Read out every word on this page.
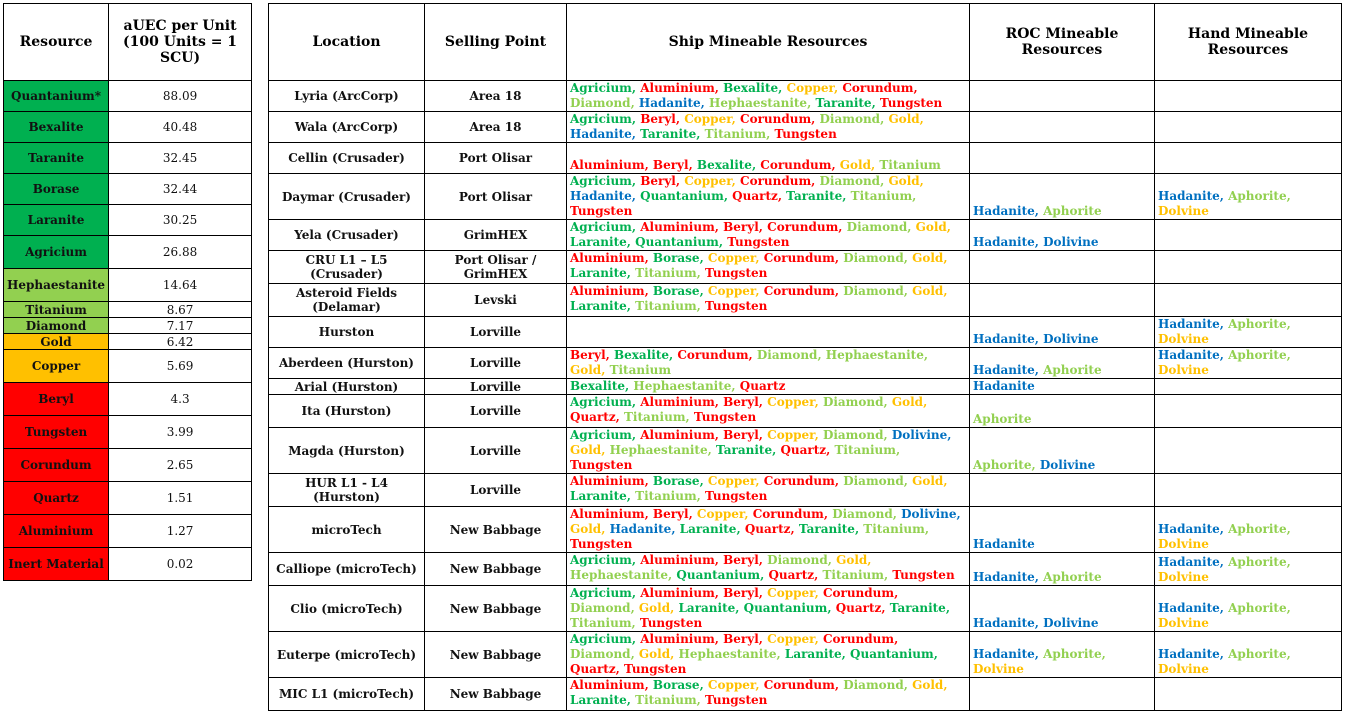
Resource	aUEC per Unit
(100 Units = 1 SCU)

Quantanium*	88.09
Bexalite	40.48
Taranite	32.45
Borase	32.44
Laranite	30.25
Agricium	26.88
Hephaestanite	14.64
Titanium	8.67
Diamond	7.17
Gold	6.42
Copper	5.69
Beryl	4.3
Tungsten	3.99
Corundum	2.65
Quartz	1.51
Aluminium	1.27
Inert Material	0.02
Location	Selling Point	Ship Mineable Resources	ROC Mineable Resources	Hand Mineable Resources
Lyria (ArcCorp)	Area 18	Agricium, Aluminium, Bexalite, Copper, Corundum, Diamond, Hadanite, Hephaestanite, Taranite, Tungsten		
Wala (ArcCorp)	Area 18	Agricium, Beryl, Copper, Corundum, Diamond, Gold, Hadanite, Taranite, Titanium, Tungsten		
Cellin (Crusader)	Port Olisar	Aluminium, Beryl, Bexalite, Corundum, Gold, Titanium		
Daymar (Crusader)	Port Olisar	Agricium, Beryl, Copper, Corundum, Diamond, Gold, Hadanite, Quantanium, Quartz, Taranite, Titanium, Tungsten	Hadanite, Aphorite	Hadanite, Aphorite, Dolvine
Yela (Crusader)	GrimHEX	Agricium, Aluminium, Beryl, Corundum, Diamond, Gold, Laranite, Quantanium, Tungsten	Hadanite, Dolivine	
CRU L1 – L5 (Crusader)	Port Olisar / GrimHEX	Aluminium, Borase, Copper, Corundum, Diamond, Gold, Laranite, Titanium, Tungsten		
Asteroid Fields (Delamar)	Levski	Aluminium, Borase, Copper, Corundum, Diamond, Gold, Laranite, Titanium, Tungsten		
Hurston	Lorville		Hadanite, Dolivine	Hadanite, Aphorite, Dolvine
Aberdeen (Hurston)	Lorville	Beryl, Bexalite, Corundum, Diamond, Hephaestanite, Gold, Titanium	Hadanite, Aphorite	Hadanite, Aphorite, Dolvine
Arial (Hurston)	Lorville	Bexalite, Hephaestanite, Quartz	Hadanite	
Ita (Hurston)	Lorville	Agricium, Aluminium, Beryl, Copper, Diamond, Gold, Quartz, Titanium, Tungsten	Aphorite	
Magda (Hurston)	Lorville	Agricium, Aluminium, Beryl, Copper, Diamond, Dolivine, Gold, Hephaestanite, Taranite, Quartz, Titanium, Tungsten	Aphorite, Dolivine	
HUR L1 - L4 (Hurston)	Lorville	Aluminium, Borase, Copper, Corundum, Diamond, Gold, Laranite, Titanium, Tungsten		
microTech	New Babbage	Aluminium, Beryl, Copper, Corundum, Diamond, Dolivine, Gold, Hadanite, Laranite, Quartz, Taranite, Titanium, Tungsten	Hadanite	Hadanite, Aphorite, Dolvine
Calliope (microTech)	New Babbage	Agricium, Aluminium, Beryl, Diamond, Gold, Hephaestanite, Quantanium, Quartz, Titanium, Tungsten	Hadanite, Aphorite	Hadanite, Aphorite, Dolvine
Clio (microTech)	New Babbage	Agricium, Aluminium, Beryl, Copper, Corundum, Diamond, Gold, Laranite, Quantanium, Quartz, Taranite, Titanium, Tungsten	Hadanite, Dolivine	Hadanite, Aphorite, Dolvine
Euterpe (microTech)	New Babbage	Agricium, Aluminium, Beryl, Copper, Corundum, Diamond, Gold, Hephaestanite, Laranite, Quantanium, Quartz, Tungsten	Hadanite, Aphorite, Dolvine	Hadanite, Aphorite, Dolvine
MIC L1 (microTech)	New Babbage	Aluminium, Borase, Copper, Corundum, Diamond, Gold, Laranite, Titanium, Tungsten		
